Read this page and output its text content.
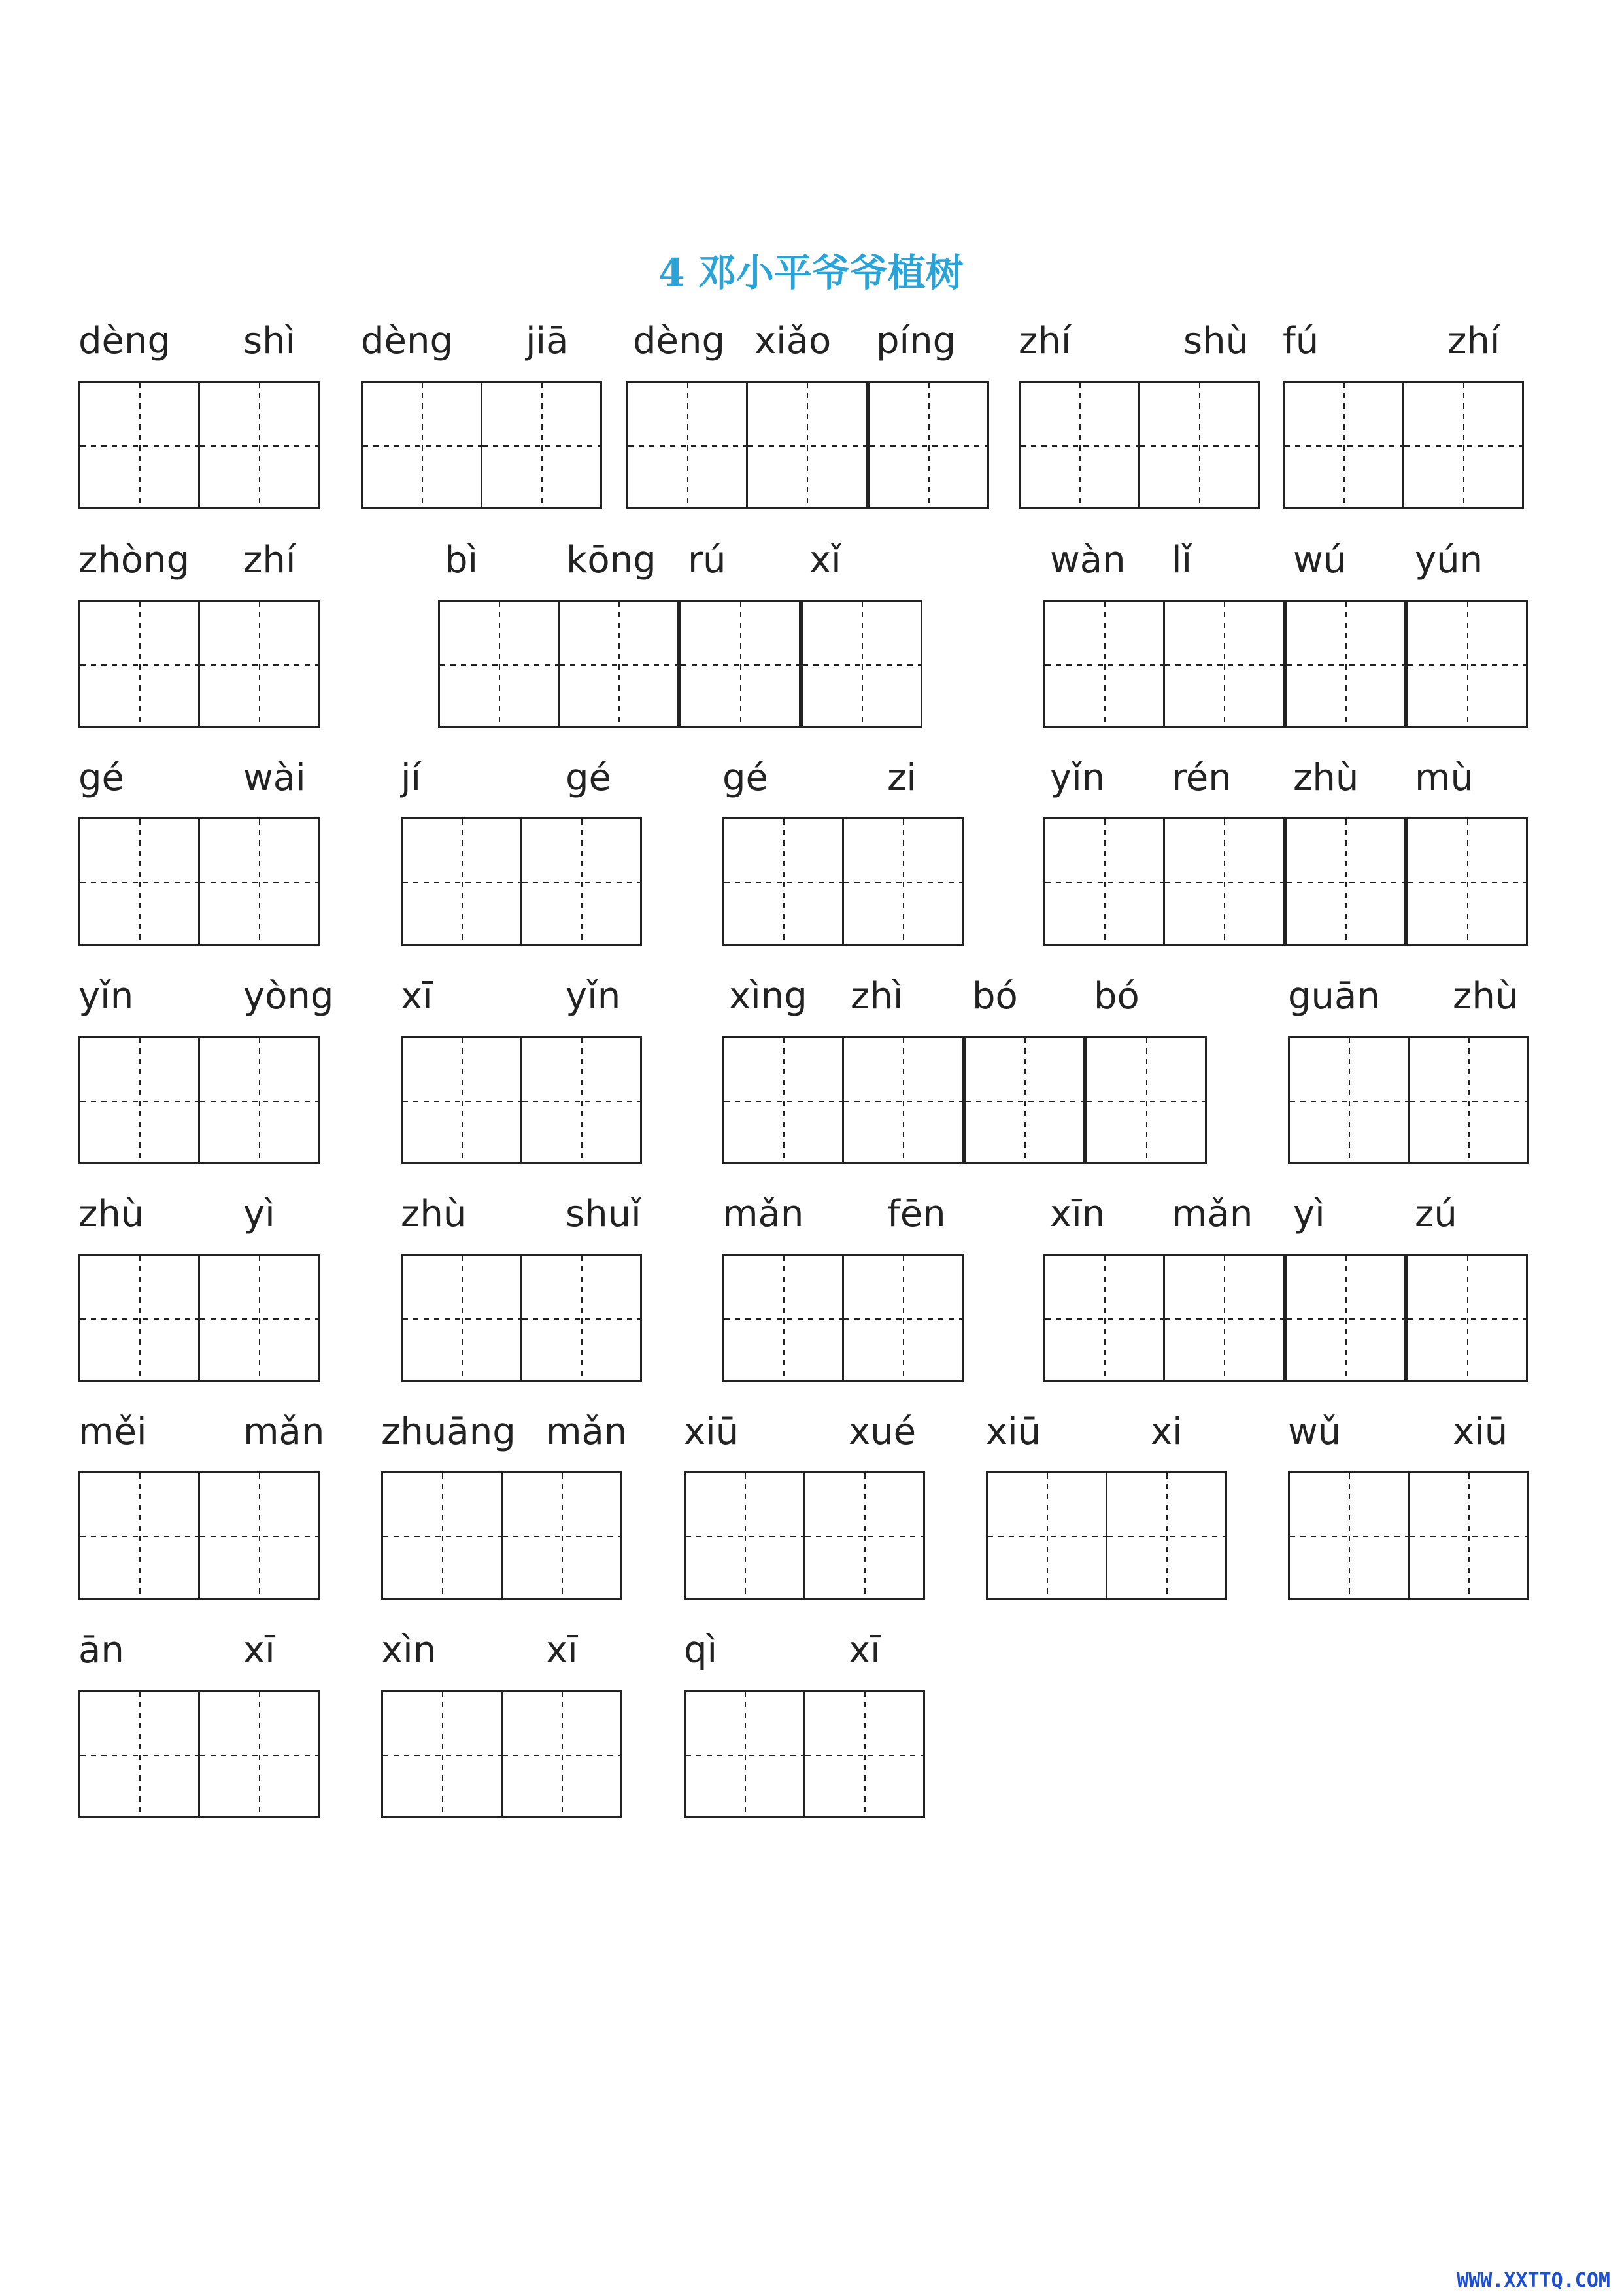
4 邓小平爷爷植树
dèng shì dèng jiā dèng xiǎo píng zhí	shù fú	zhí
zhòng zhí	bì kōng rú xǐ	wàn lǐ	wú yún
gé	wài	jí	gé	gé	zi	yǐn rén zhù mù
yǐn	yòng xī	yǐn	xìng zhì bó bó	guān zhù
zhù	yì	zhù	shuǐ mǎn fēn	xīn mǎn yì zú
měi	mǎn zhuāng mǎn xiū	xué xiū	xi	wǔ	xiū
ān	xī	xìn	xī	qì	xī
WWW.XXTTQ.COM
